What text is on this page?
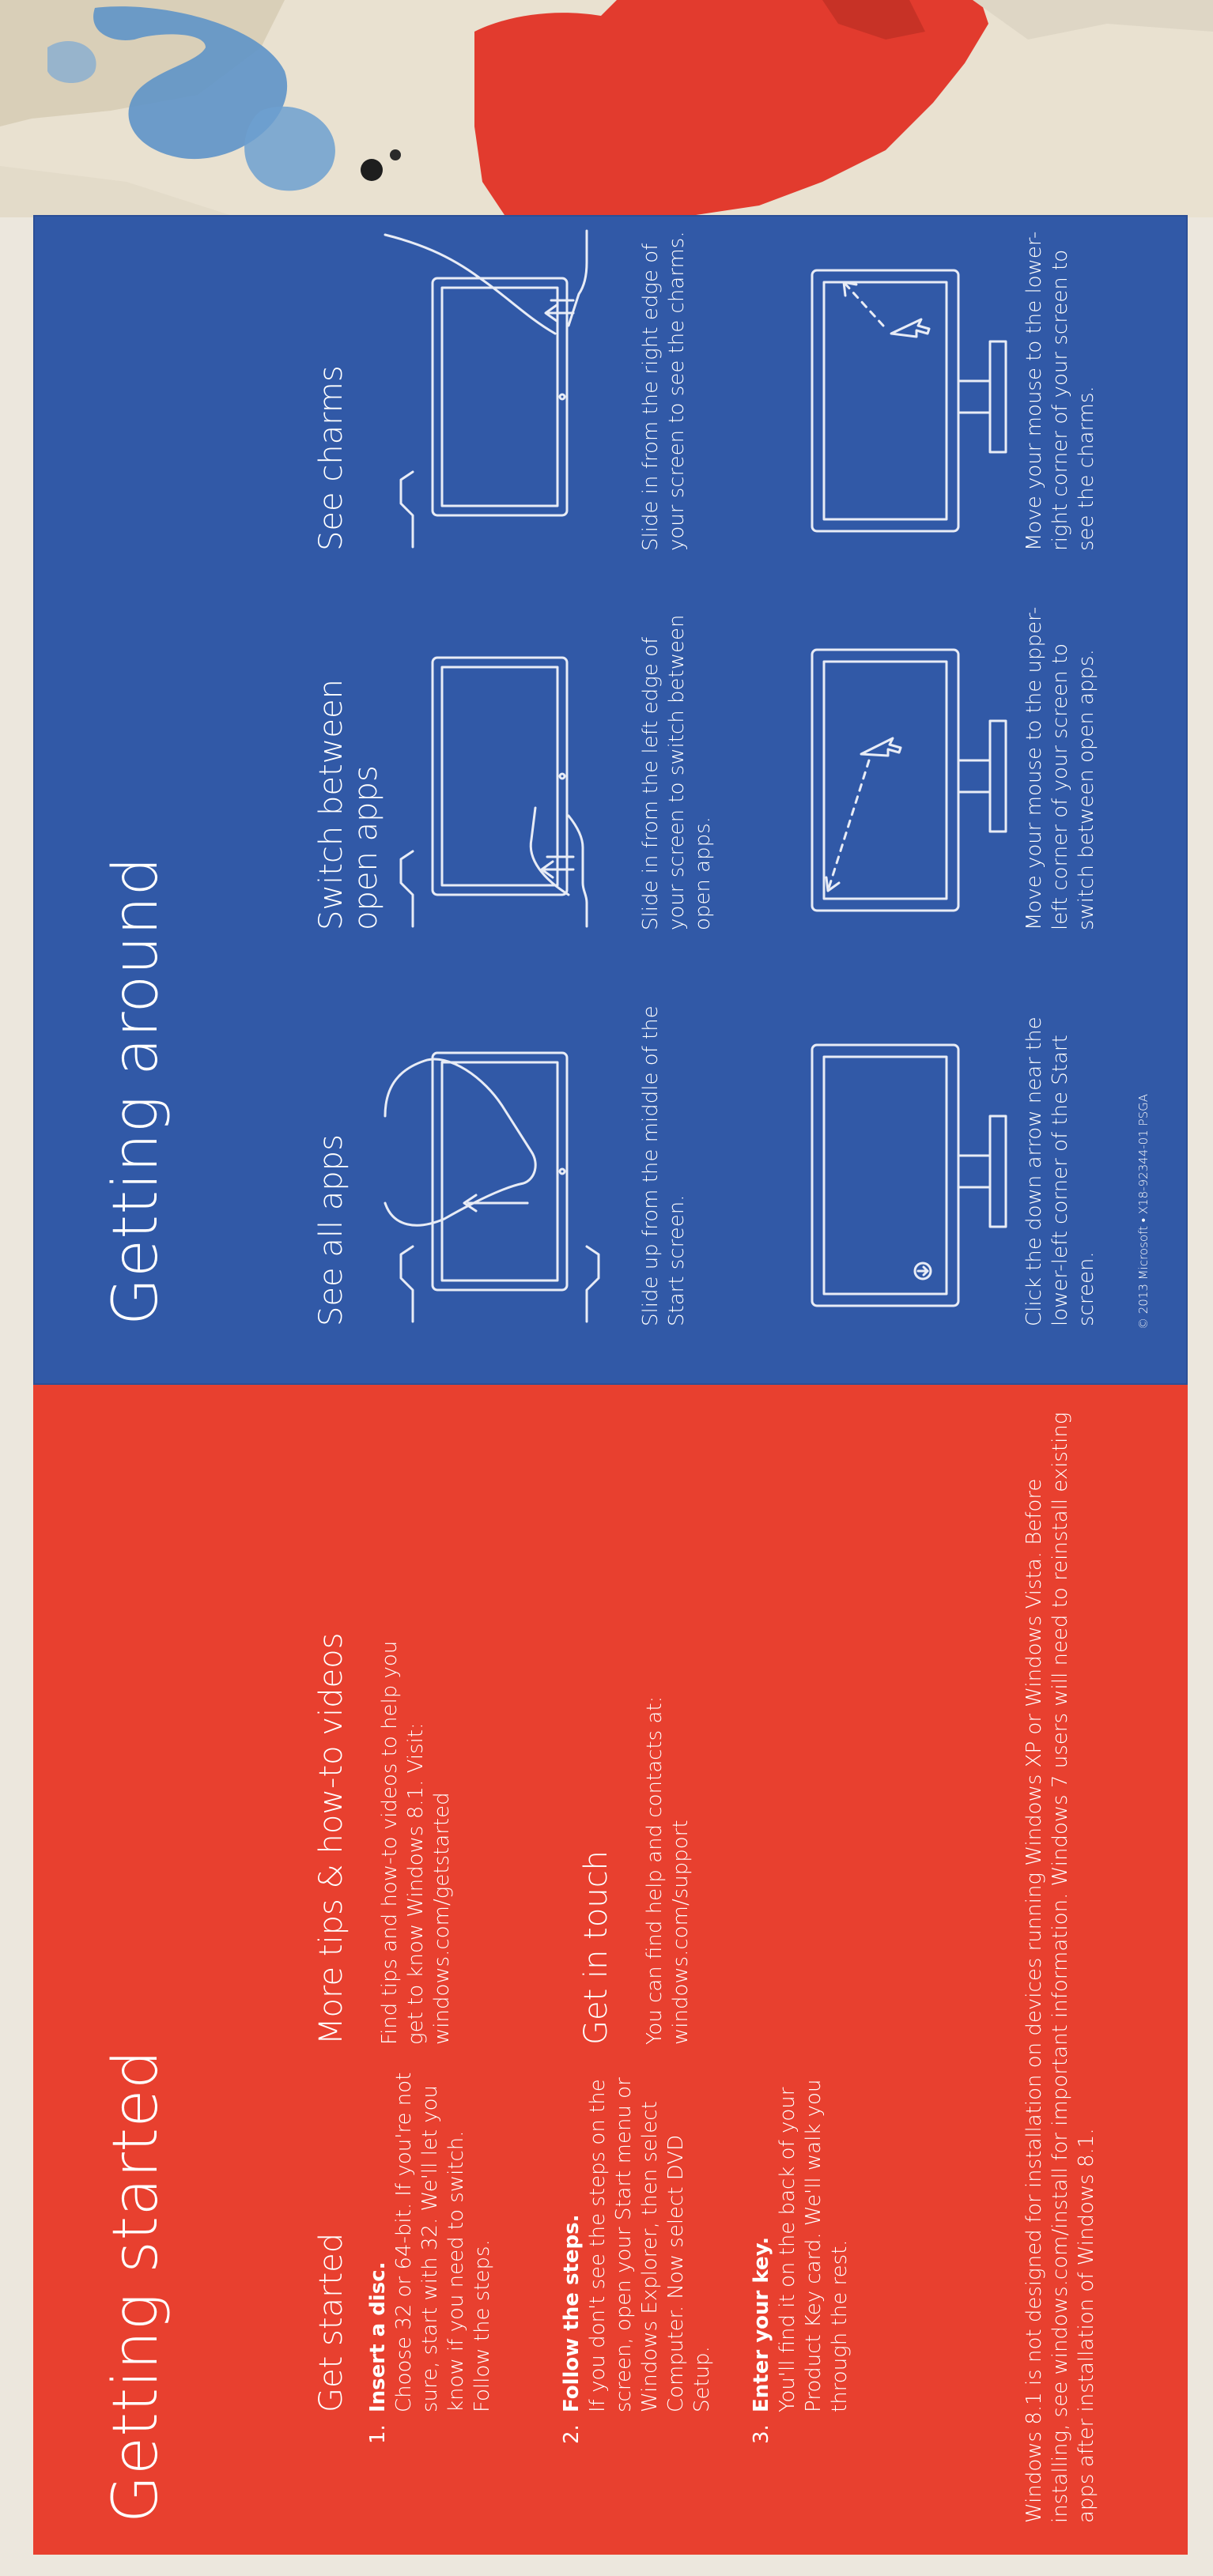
Getting around	See all apps	Slide up from the middle of the Start screen.	Click the down arrow near the lower-left corner of the Start screen.
Switch between open apps	Slide in from the left edge of your screen to switch between open apps.	Move your mouse to the upper-left corner of your screen to switch between open apps.
See charms	Slide in from the right edge of your screen to see the charms.	Move your mouse to the lower-right corner of your screen to see the charms.
© 2013 Microsoft • X18-92344-01 PSGA
Getting started	Get started
1.
Insert a disc. Choose 32 or 64-bit. If you're not sure, start with 32. We'll let you know if you need to switch. Follow the steps.
2.
Follow the steps. If you don't see the steps on the screen, open your Start menu or Windows Explorer, then select Computer. Now select DVD Setup.
3.
Enter your key. You'll find it on the back of your Product Key card. We'll walk you through the rest.
More tips & how-to videos Find tips and how-to videos to help you get to know Windows 8.1. Visit: windows.com/getstarted	Get in touch You can find help and contacts at: windows.com/support	Windows 8.1 is not designed for installation on devices running Windows XP or Windows Vista. Before installing, see windows.com/install for important information. Windows 7 users will need to reinstall existing apps after installation of Windows 8.1.
